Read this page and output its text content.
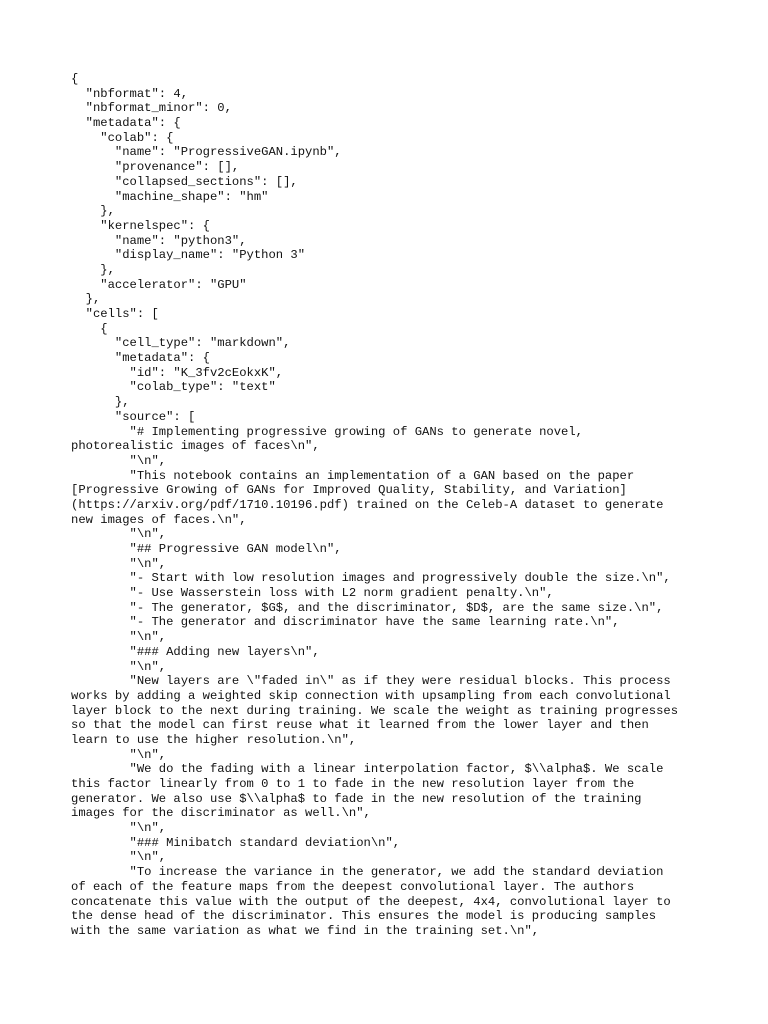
{
"nbformat": 4,
"nbformat_minor": 0,
"metadata": {
"colab": {
"name": "ProgressiveGAN.ipynb",
"provenance": [],
"collapsed_sections": [],
"machine_shape": "hm"
},
"kernelspec": {
"name": "python3",
"display_name": "Python 3"
},
"accelerator": "GPU"
},
"cells": [
{
"cell_type": "markdown",
"metadata": {
"id": "K_3fv2cEokxK",
"colab_type": "text"
},
"source": [
"# Implementing progressive growing of GANs to generate novel,
photorealistic images of faces\n",
"\n",
"This notebook contains an implementation of a GAN based on the paper
[Progressive Growing of GANs for Improved Quality, Stability, and Variation]
(https://arxiv.org/pdf/1710.10196.pdf) trained on the Celeb-A dataset to generate
new images of faces.\n",
"\n",
"## Progressive GAN model\n",
"\n",
"- Start with low resolution images and progressively double the size.\n",
"- Use Wasserstein loss with L2 norm gradient penalty.\n",
"- The generator, $G$, and the discriminator, $D$, are the same size.\n",
"- The generator and discriminator have the same learning rate.\n",
"\n",
"### Adding new layers\n",
"\n",
"New layers are \"faded in\" as if they were residual blocks. This process
works by adding a weighted skip connection with upsampling from each convolutional
layer block to the next during training. We scale the weight as training progresses
so that the model can first reuse what it learned from the lower layer and then
learn to use the higher resolution.\n",
"\n",
"We do the fading with a linear interpolation factor, $\\alpha$. We scale
this factor linearly from 0 to 1 to fade in the new resolution layer from the
generator. We also use $\\alpha$ to fade in the new resolution of the training
images for the discriminator as well.\n",
"\n",
"### Minibatch standard deviation\n",
"\n",
"To increase the variance in the generator, we add the standard deviation
of each of the feature maps from the deepest convolutional layer. The authors
concatenate this value with the output of the deepest, 4x4, convolutional layer to
the dense head of the discriminator. This ensures the model is producing samples
with the same variation as what we find in the training set.\n",
